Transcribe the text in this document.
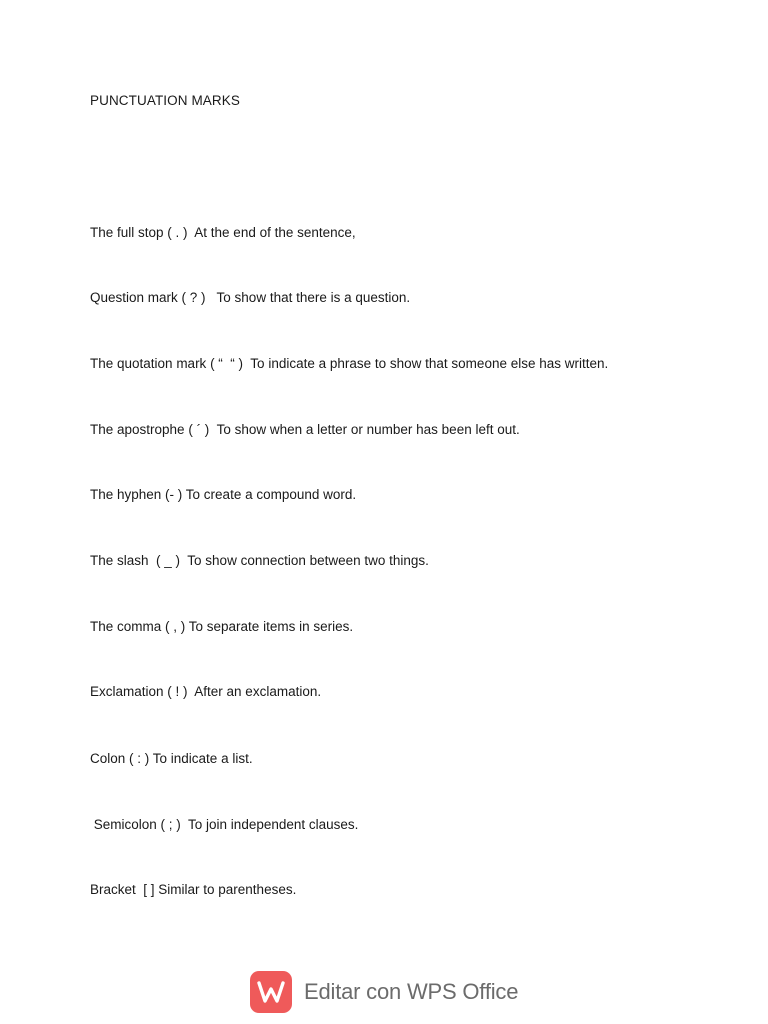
PUNCTUATION MARKS
The full stop ( . )  At the end of the sentence,
Question mark ( ? )   To show that there is a question.
The quotation mark ( “  “ )  To indicate a phrase to show that someone else has written.
The apostrophe ( ´ )  To show when a letter or number has been left out.
The hyphen (- ) To create a compound word.
The slash  ( _ )  To show connection between two things.
The comma ( , ) To separate items in series.
Exclamation ( ! )  After an exclamation.
Colon ( : ) To indicate a list.
Semicolon ( ; )  To join independent clauses.
Bracket  [ ] Similar to parentheses.
Editar con WPS Office
